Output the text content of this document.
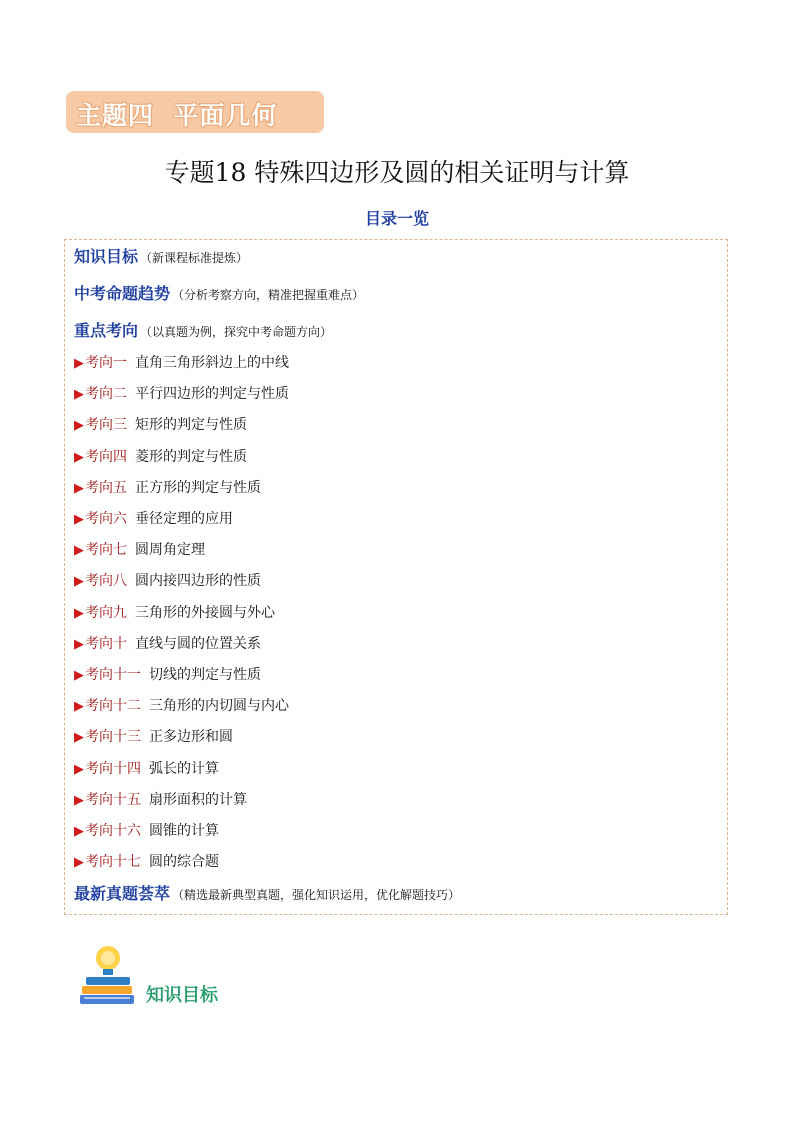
主题四  平面几何
专题18 特殊四边形及圆的相关证明与计算
目录一览
知识目标 （新课程标准提炼）
中考命题趋势 （分析考察方向，精准把握重难点）
重点考向 （以真题为例，探究中考命题方向）
▶考向一 直角三角形斜边上的中线
▶考向二 平行四边形的判定与性质
▶考向三 矩形的判定与性质
▶考向四 菱形的判定与性质
▶考向五 正方形的判定与性质
▶考向六 垂径定理的应用
▶考向七 圆周角定理
▶考向八 圆内接四边形的性质
▶考向九 三角形的外接圆与外心
▶考向十 直线与圆的位置关系
▶考向十一 切线的判定与性质
▶考向十二 三角形的内切圆与内心
▶考向十三 正多边形和圆
▶考向十四 弧长的计算
▶考向十五 扇形面积的计算
▶考向十六 圆锥的计算
▶考向十七 圆的综合题
最新真题荟萃 （精选最新典型真题，强化知识运用，优化解题技巧）
知识目标
